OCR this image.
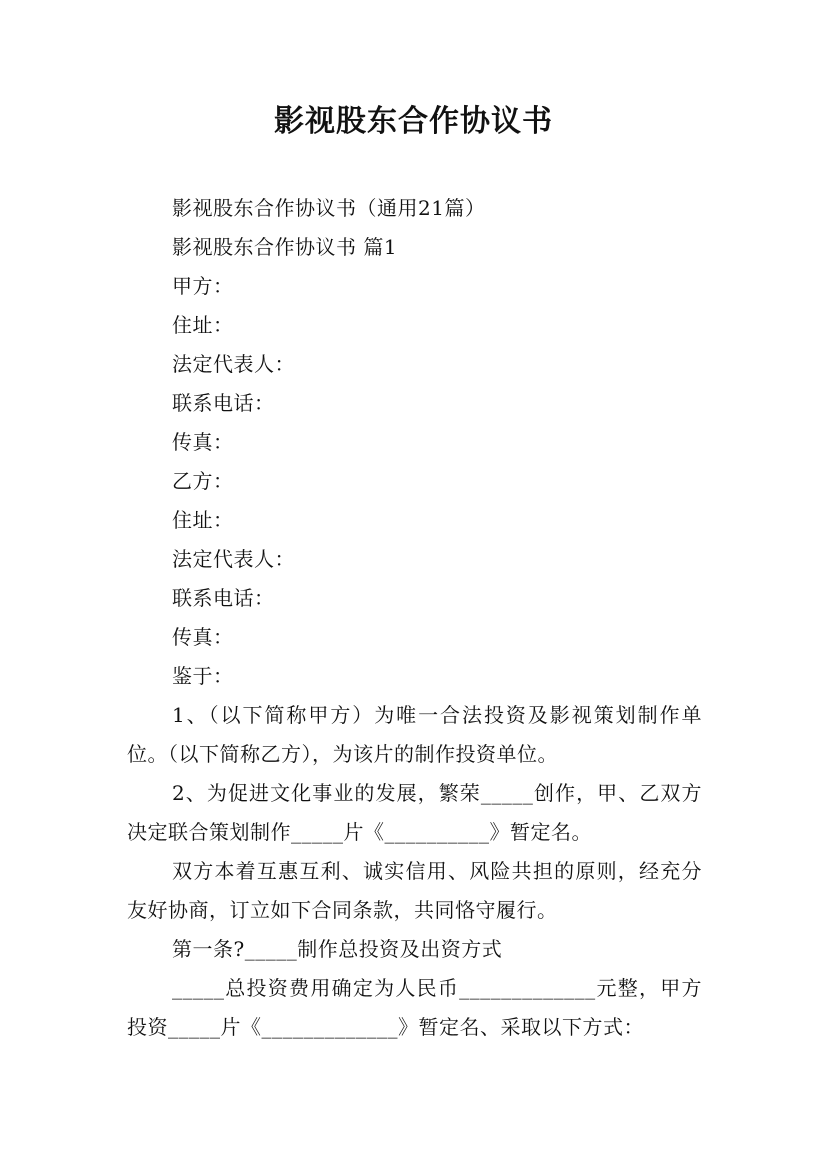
影视股东合作协议书
影视股东合作协议书（通用21篇）
影视股东合作协议书 篇1
甲方：
住址：
法定代表人：
联系电话：
传真：
乙方：
住址：
法定代表人：
联系电话：
传真：
鉴于：
1、（以下简称甲方）为唯一合法投资及影视策划制作单位。（以下简称乙方），为该片的制作投资单位。
2、为促进文化事业的发展，繁荣_____创作，甲、乙双方决定联合策划制作_____片《__________》暂定名。
双方本着互惠互利、诚实信用、风险共担的原则，经充分友好协商，订立如下合同条款，共同恪守履行。
第一条?_____制作总投资及出资方式
_____总投资费用确定为人民币_____________元整，甲方投资_____片《_____________》暂定名、采取以下方式：
